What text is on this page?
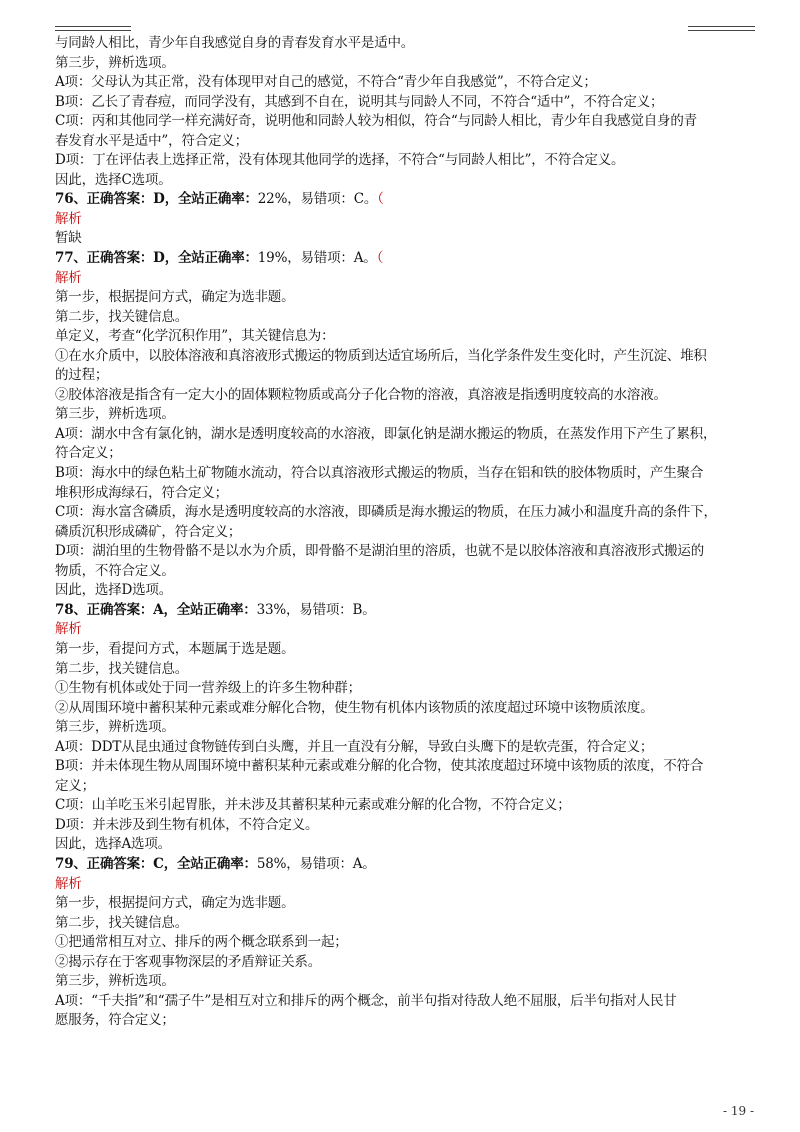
与同龄人相比，青少年自我感觉自身的青春发育水平是适中。
第三步，辨析选项。
A项：父母认为其正常，没有体现甲对自己的感觉，不符合“青少年自我感觉”，不符合定义；
B项：乙长了青春痘，而同学没有，其感到不自在，说明其与同龄人不同，不符合“适中”，不符合定义；
C项：丙和其他同学一样充满好奇，说明他和同龄人较为相似，符合“与同龄人相比，青少年自我感觉自身的青
春发育水平是适中”，符合定义；
D项：丁在评估表上选择正常，没有体现其他同学的选择，不符合“与同龄人相比”，不符合定义。
因此，选择C选项。
76、正确答案：D，全站正确率：22%，易错项：C。（
解析
暂缺
77、正确答案：D，全站正确率：19%，易错项：A。（
解析
第一步，根据提问方式，确定为选非题。
第二步，找关键信息。
单定义，考查“化学沉积作用”，其关键信息为：
①在水介质中，以胶体溶液和真溶液形式搬运的物质到达适宜场所后，当化学条件发生变化时，产生沉淀、堆积
的过程；
②胶体溶液是指含有一定大小的固体颗粒物质或高分子化合物的溶液，真溶液是指透明度较高的水溶液。
第三步，辨析选项。
A项：湖水中含有氯化钠，湖水是透明度较高的水溶液，即氯化钠是湖水搬运的物质，在蒸发作用下产生了累积，
符合定义；
B项：海水中的绿色粘土矿物随水流动，符合以真溶液形式搬运的物质，当存在铝和铁的胶体物质时，产生聚合
堆积形成海绿石，符合定义；
C项：海水富含磷质，海水是透明度较高的水溶液，即磷质是海水搬运的物质，在压力减小和温度升高的条件下，
磷质沉积形成磷矿，符合定义；
D项：湖泊里的生物骨骼不是以水为介质，即骨骼不是湖泊里的溶质，也就不是以胶体溶液和真溶液形式搬运的
物质，不符合定义。
因此，选择D选项。
78、正确答案：A，全站正确率：33%，易错项：B。
解析
第一步，看提问方式，本题属于选是题。
第二步，找关键信息。
①生物有机体或处于同一营养级上的许多生物种群；
②从周围环境中蓄积某种元素或难分解化合物，使生物有机体内该物质的浓度超过环境中该物质浓度。
第三步，辨析选项。
A项：DDT从昆虫通过食物链传到白头鹰，并且一直没有分解，导致白头鹰下的是软壳蛋，符合定义；
B项：并未体现生物从周围环境中蓄积某种元素或难分解的化合物，使其浓度超过环境中该物质的浓度，不符合
定义；
C项：山羊吃玉米引起胃胀，并未涉及其蓄积某种元素或难分解的化合物，不符合定义；
D项：并未涉及到生物有机体，不符合定义。
因此，选择A选项。
79、正确答案：C，全站正确率：58%，易错项：A。
解析
第一步，根据提问方式，确定为选非题。
第二步，找关键信息。
①把通常相互对立、排斥的两个概念联系到一起；
②揭示存在于客观事物深层的矛盾辩证关系。
第三步，辨析选项。
A项：“千夫指”和“孺子牛”是相互对立和排斥的两个概念，前半句指对待敌人绝不屈服，后半句指对人民甘
愿服务，符合定义；
- 19 -
